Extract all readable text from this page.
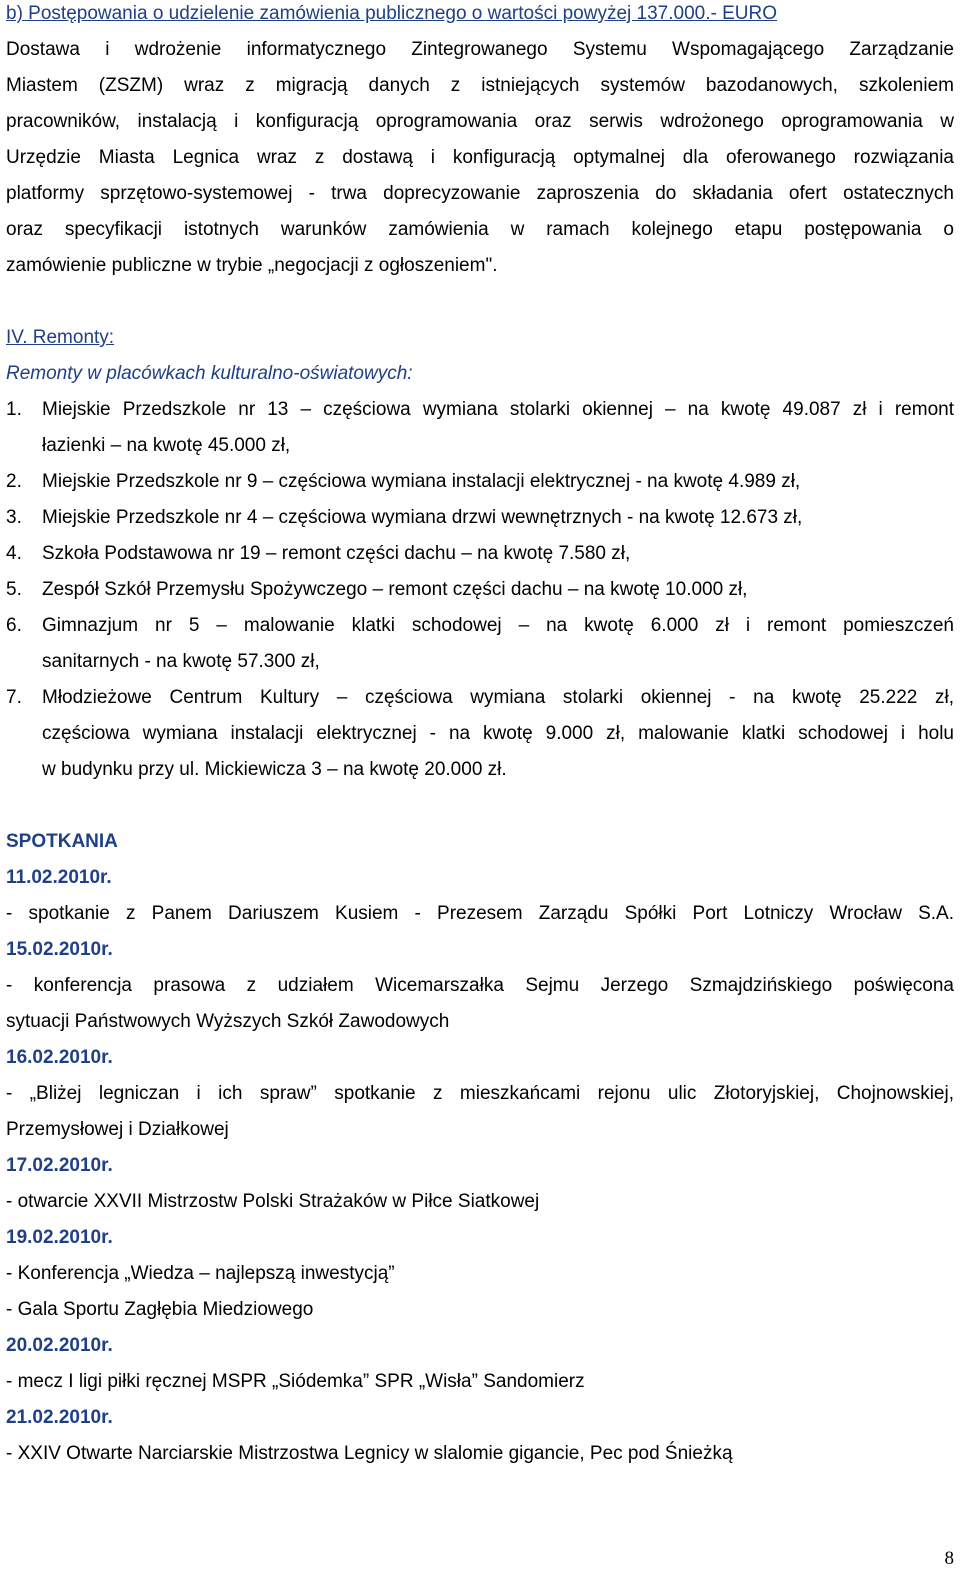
b) Postępowania o udzielenie zamówienia publicznego o wartości powyżej 137.000.- EURO
Dostawa i wdrożenie informatycznego Zintegrowanego Systemu Wspomagającego Zarządzanie
Miastem (ZSZM) wraz z migracją danych z istniejących systemów bazodanowych, szkoleniem
pracowników, instalacją i konfiguracją oprogramowania oraz serwis wdrożonego oprogramowania w
Urzędzie Miasta Legnica wraz z dostawą i konfiguracją optymalnej dla oferowanego rozwiązania
platformy sprzętowo-systemowej - trwa doprecyzowanie zaproszenia do składania ofert ostatecznych
oraz specyfikacji istotnych warunków zamówienia w ramach kolejnego etapu postępowania o
zamówienie publiczne w trybie „negocjacji z ogłoszeniem".
IV. Remonty:
Remonty w placówkach kulturalno-oświatowych:
1. Miejskie Przedszkole nr 13 – częściowa wymiana stolarki okiennej – na kwotę 49.087 zł i remont
łazienki – na kwotę 45.000 zł,
2. Miejskie Przedszkole nr 9 – częściowa wymiana instalacji elektrycznej - na kwotę 4.989 zł,
3. Miejskie Przedszkole nr 4 – częściowa wymiana drzwi wewnętrznych - na kwotę 12.673 zł,
4. Szkoła Podstawowa nr 19 – remont części dachu – na kwotę 7.580 zł,
5. Zespół Szkół Przemysłu Spożywczego – remont części dachu – na kwotę 10.000 zł,
6. Gimnazjum nr 5 – malowanie klatki schodowej – na kwotę 6.000 zł i remont pomieszczeń
sanitarnych - na kwotę 57.300 zł,
7. Młodzieżowe Centrum Kultury – częściowa wymiana stolarki okiennej - na kwotę 25.222 zł,
częściowa wymiana instalacji elektrycznej - na kwotę 9.000 zł, malowanie klatki schodowej i holu
w budynku przy ul. Mickiewicza 3 – na kwotę 20.000 zł.
SPOTKANIA
11.02.2010r.
- spotkanie z Panem Dariuszem Kusiem - Prezesem Zarządu Spółki Port Lotniczy Wrocław S.A.
15.02.2010r.
- konferencja prasowa z udziałem Wicemarszałka Sejmu Jerzego Szmajdzińskiego poświęcona
sytuacji Państwowych Wyższych Szkół Zawodowych
16.02.2010r.
- „Bliżej legniczan i ich spraw” spotkanie z mieszkańcami rejonu ulic Złotoryjskiej, Chojnowskiej,
Przemysłowej i Działkowej
17.02.2010r.
- otwarcie XXVII Mistrzostw Polski Strażaków w Piłce Siatkowej
19.02.2010r.
- Konferencja „Wiedza – najlepszą inwestycją”
- Gala Sportu Zagłębia Miedziowego
20.02.2010r.
- mecz I ligi piłki ręcznej MSPR „Siódemka” SPR „Wisła” Sandomierz
21.02.2010r.
- XXIV Otwarte Narciarskie Mistrzostwa Legnicy w slalomie gigancie, Pec pod Śnieżką
8
